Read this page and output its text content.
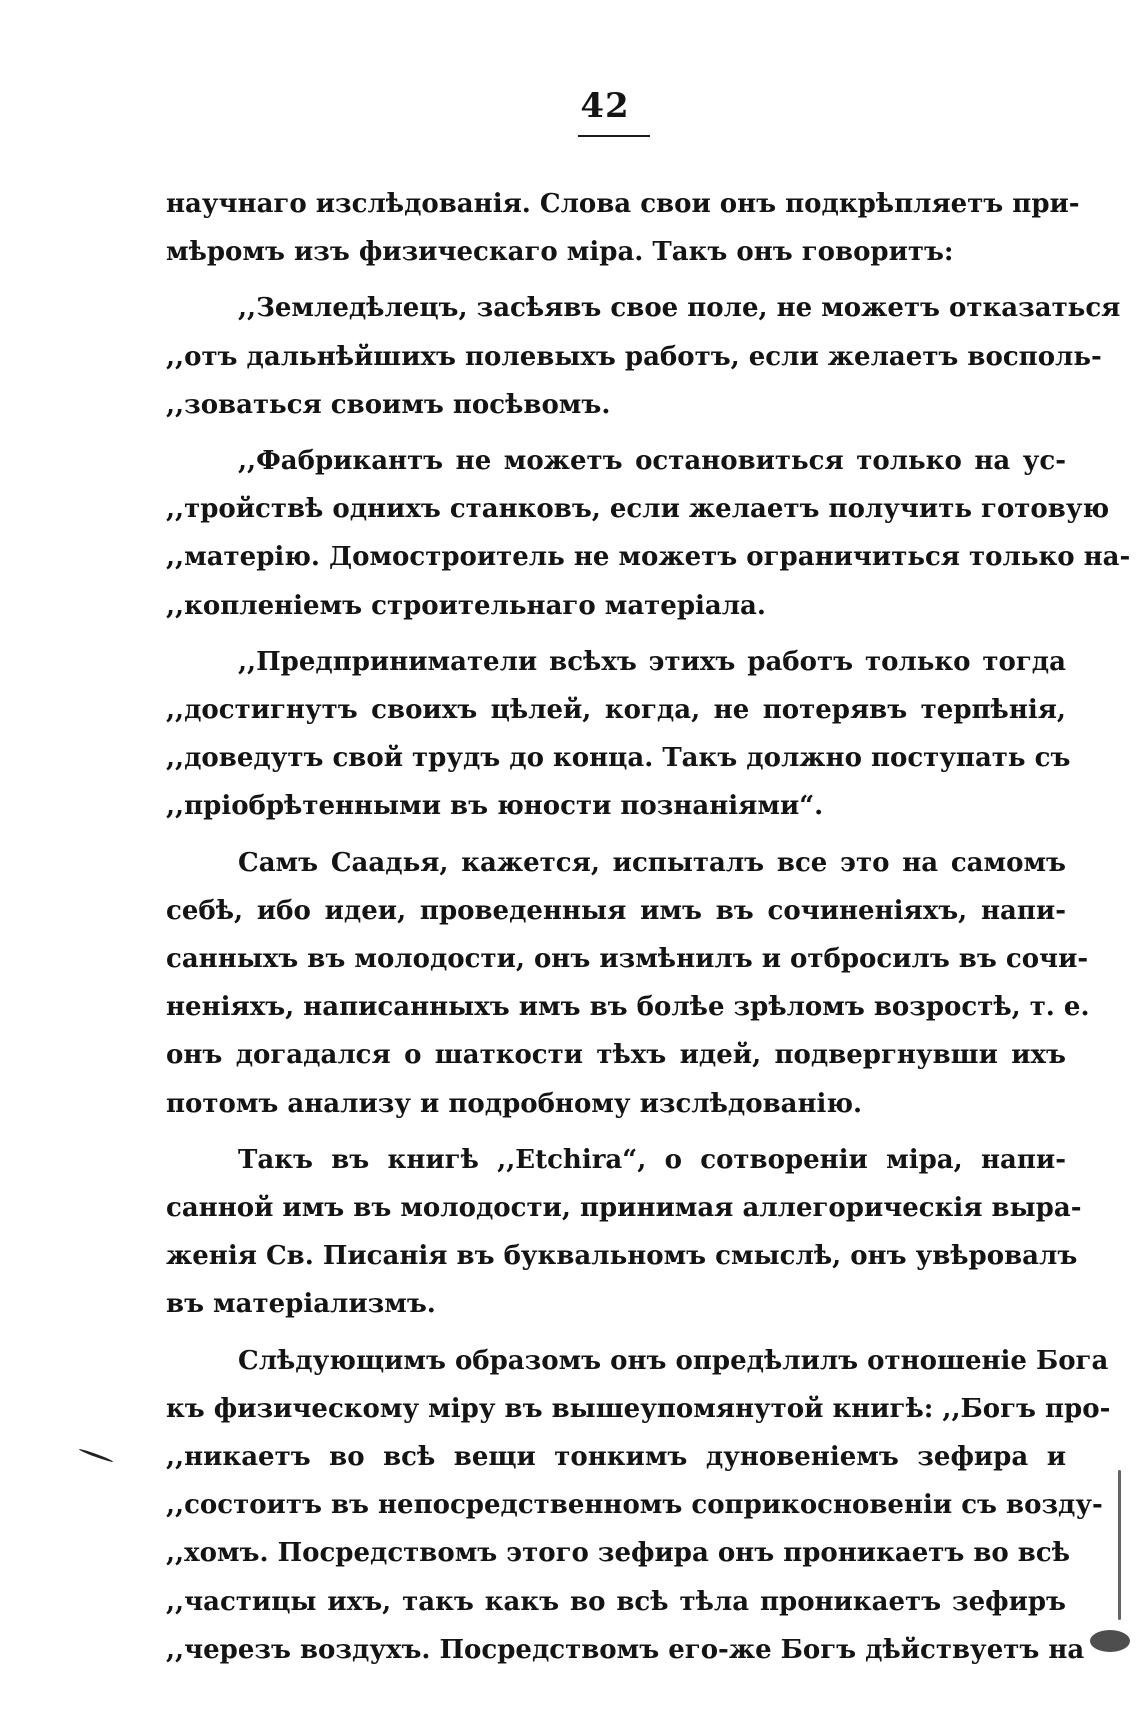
42
научнаго изслѣдованія. Слова свои онъ подкрѣпляетъ при-
мѣромъ изъ физическаго міра. Такъ онъ говоритъ:
,,Земледѣлецъ, засѣявъ свое поле, не можетъ отказаться
,,отъ дальнѣйшихъ полевыхъ работъ, если желаетъ восполь-
,,зоваться своимъ посѣвомъ.
,,Фабрикантъ не можетъ остановиться только на ус-
,,тройствѣ однихъ станковъ, если желаетъ получить готовую
,,матерію. Домостроитель не можетъ ограничиться только на-
,,копленіемъ строительнаго матеріала.
,,Предприниматели всѣхъ этихъ работъ только тогда
,,достигнутъ своихъ цѣлей, когда, не потерявъ терпѣнія,
,,доведутъ свой трудъ до конца. Такъ должно поступать съ
,,пріобрѣтенными въ юности познаніями“.
Самъ Саадья, кажется, испыталъ все это на самомъ
себѣ, ибо идеи, проведенныя имъ въ сочиненіяхъ, напи-
санныхъ въ молодости, онъ измѣнилъ и отбросилъ въ сочи-
неніяхъ, написанныхъ имъ въ болѣе зрѣломъ возростѣ, т. е.
онъ догадался о шаткости тѣхъ идей, подвергнувши ихъ
потомъ анализу и подробному изслѣдованію.
Такъ въ книгѣ ,,Etchira“, о сотвореніи міра, напи-
санной имъ въ молодости, принимая аллегорическія выра-
женія Св. Писанія въ буквальномъ смыслѣ, онъ увѣровалъ
въ матеріализмъ.
Слѣдующимъ образомъ онъ опредѣлилъ отношеніе Бога
къ физическому міру въ вышеупомянутой книгѣ: ,,Богъ про-
,,никаетъ во всѣ вещи тонкимъ дуновеніемъ зефира и
,,состоитъ въ непосредственномъ соприкосновеніи съ возду-
,,хомъ. Посредствомъ этого зефира онъ проникаетъ во всѣ
,,частицы ихъ, такъ какъ во всѣ тѣла проникаетъ зефиръ
,,черезъ воздухъ. Посредствомъ его-же Богъ дѣйствуетъ на
